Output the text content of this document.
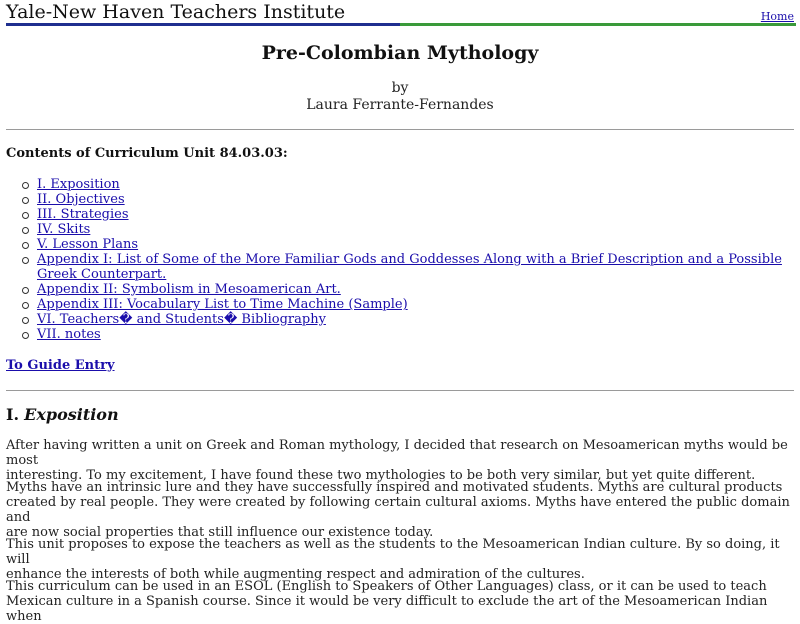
Yale-New Haven Teachers Institute	Home
Pre-Colombian Mythology
by
Laura Ferrante-Fernandes
Contents of Curriculum Unit 84.03.03:
I. Exposition
II. Objectives
III. Strategies
IV. Skits
V. Lesson Plans
Appendix I: List of Some of the More Familiar Gods and Goddesses Along with a Brief Description and a Possible
Greek Counterpart.
Appendix II: Symbolism in Mesoamerican Art.
Appendix III: Vocabulary List to Time Machine (Sample)
VI. Teachers� and Students� Bibliography
VII. notes
To Guide Entry
I. Exposition

After having written a unit on Greek and Roman mythology, I decided that research on Mesoamerican myths would be most
interesting. To my excitement, I have found these two mythologies to be both very similar, but yet quite different.

Myths have an intrinsic lure and they have successfully inspired and motivated students. Myths are cultural products
created by real people. They were created by following certain cultural axioms. Myths have entered the public domain and
are now social properties that still influence our existence today.

This unit proposes to expose the teachers as well as the students to the Mesoamerican Indian culture. By so doing, it will
enhance the interests of both while augmenting respect and admiration of the cultures.

This curriculum can be used in an ESOL (English to Speakers of Other Languages) class, or it can be used to teach
Mexican culture in a Spanish course. Since it would be very difficult to exclude the art of the Mesoamerican Indian when
